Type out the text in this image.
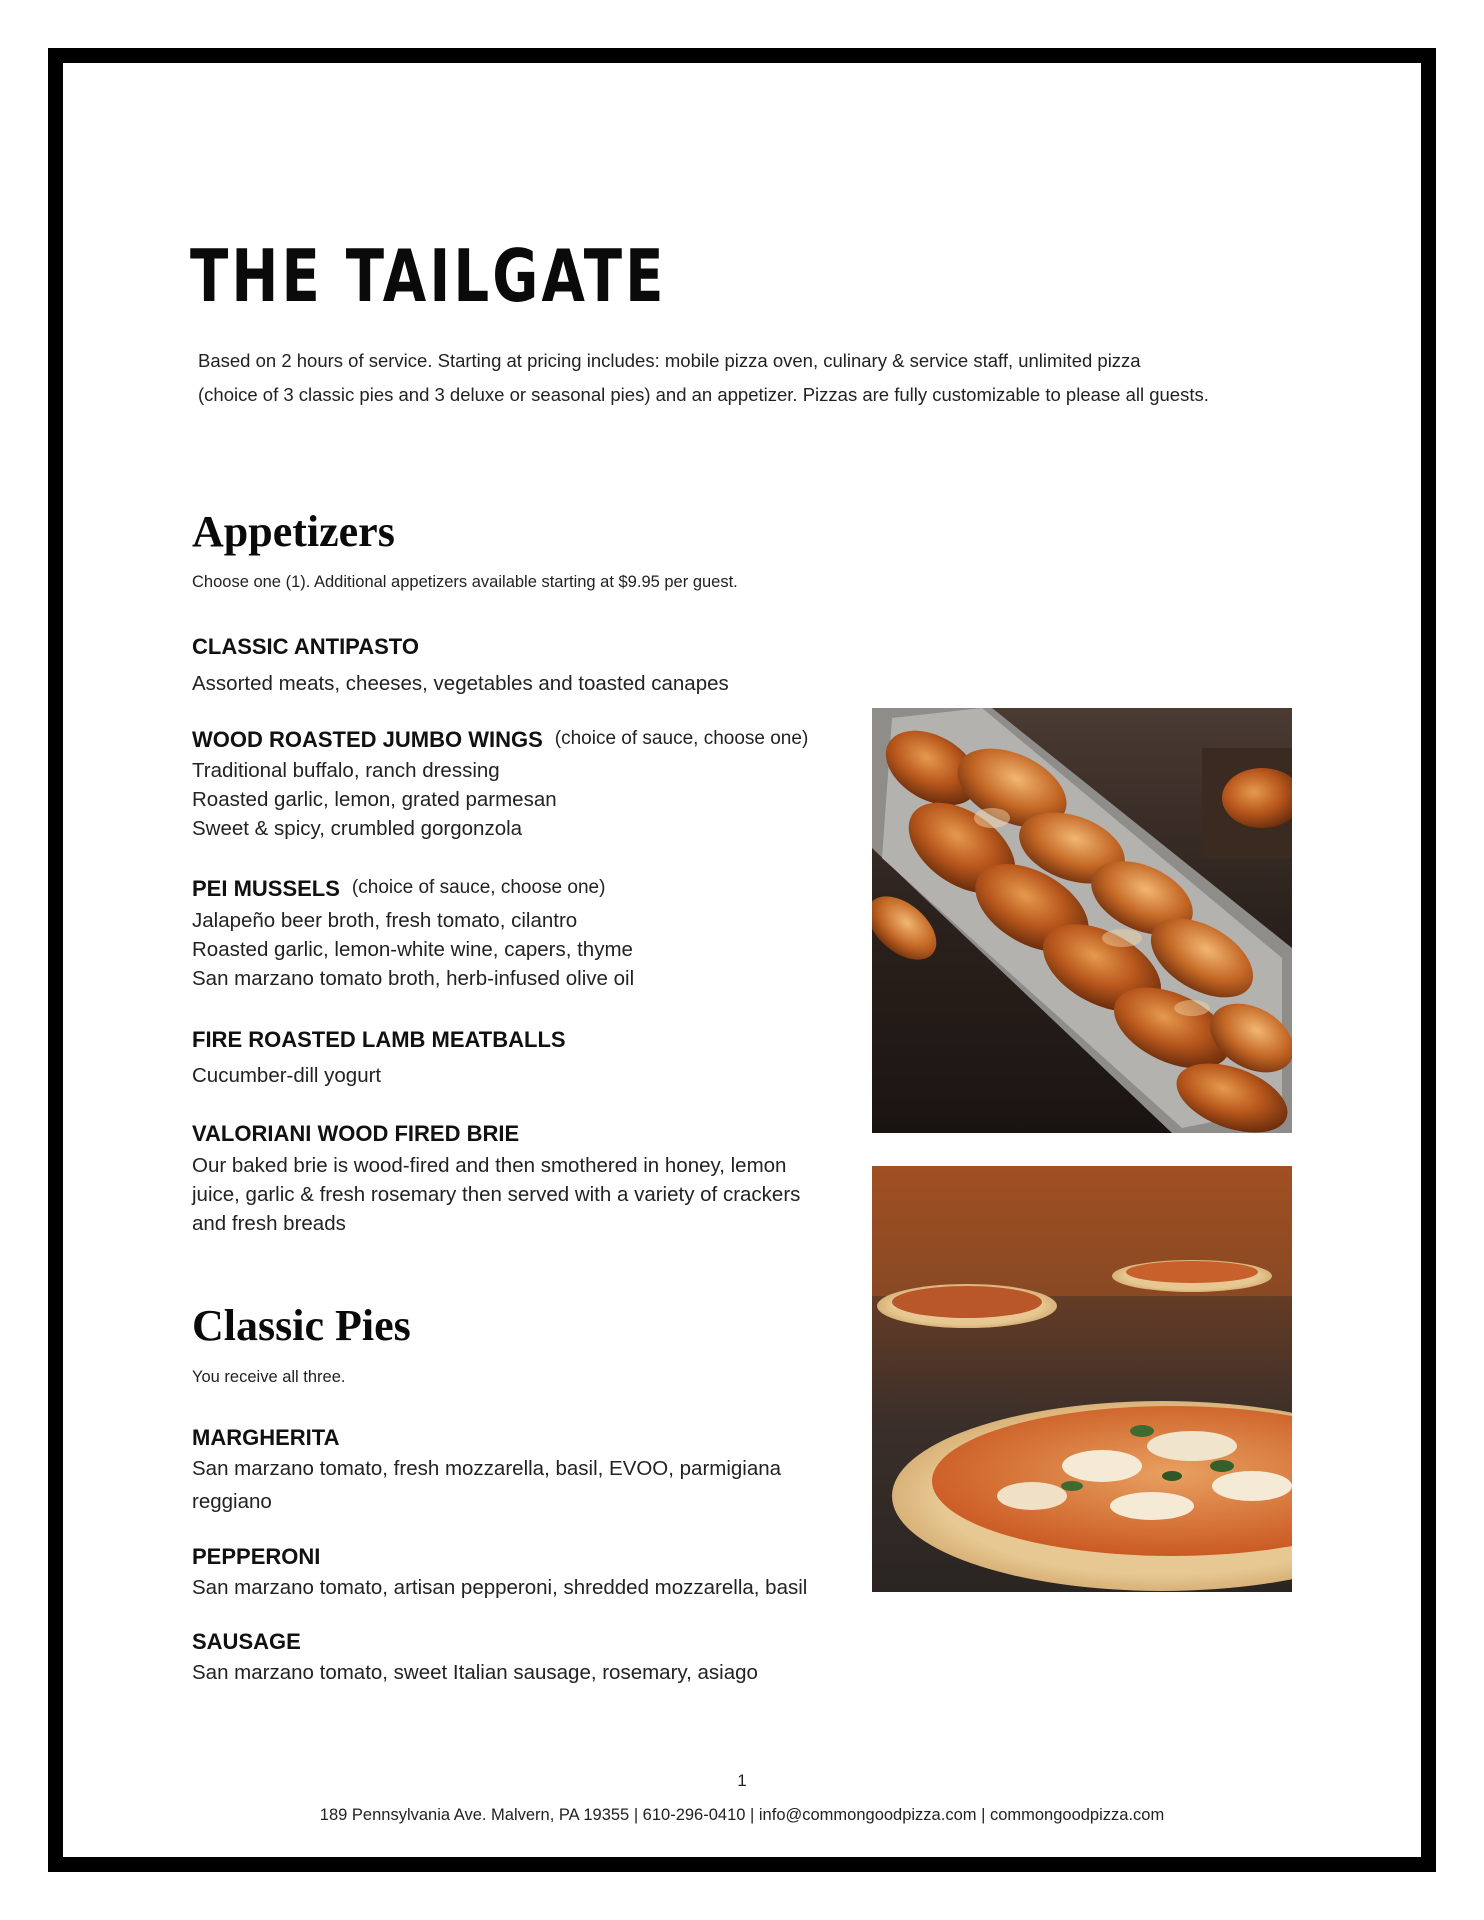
THE TAILGATE
Based on 2 hours of service. Starting at pricing includes: mobile pizza oven, culinary & service staff, unlimited pizza
(choice of 3 classic pies and 3 deluxe or seasonal pies) and an appetizer. Pizzas are fully customizable to please all guests.
Appetizers
Choose one (1). Additional appetizers available starting at $9.95 per guest.
CLASSIC ANTIPASTO
Assorted meats, cheeses, vegetables and toasted canapes
WOOD ROASTED JUMBO WINGS (choice of sauce, choose one)
Traditional buffalo, ranch dressing
Roasted garlic, lemon, grated parmesan
Sweet & spicy, crumbled gorgonzola
PEI MUSSELS (choice of sauce, choose one)
Jalapeño beer broth, fresh tomato, cilantro
Roasted garlic, lemon-white wine, capers, thyme
San marzano tomato broth, herb-infused olive oil
FIRE ROASTED LAMB MEATBALLS
Cucumber-dill yogurt
VALORIANI WOOD FIRED BRIE
Our baked brie is wood-fired and then smothered in honey, lemon
juice, garlic & fresh rosemary then served with a variety of crackers
and fresh breads
Classic Pies
You receive all three.
MARGHERITA
San marzano tomato, fresh mozzarella, basil, EVOO, parmigiana
reggiano
PEPPERONI
San marzano tomato, artisan pepperoni, shredded mozzarella, basil
SAUSAGE
San marzano tomato, sweet Italian sausage, rosemary, asiago
1
189 Pennsylvania Ave. Malvern, PA 19355 | 610-296-0410 | info@commongoodpizza.com | commongoodpizza.com
